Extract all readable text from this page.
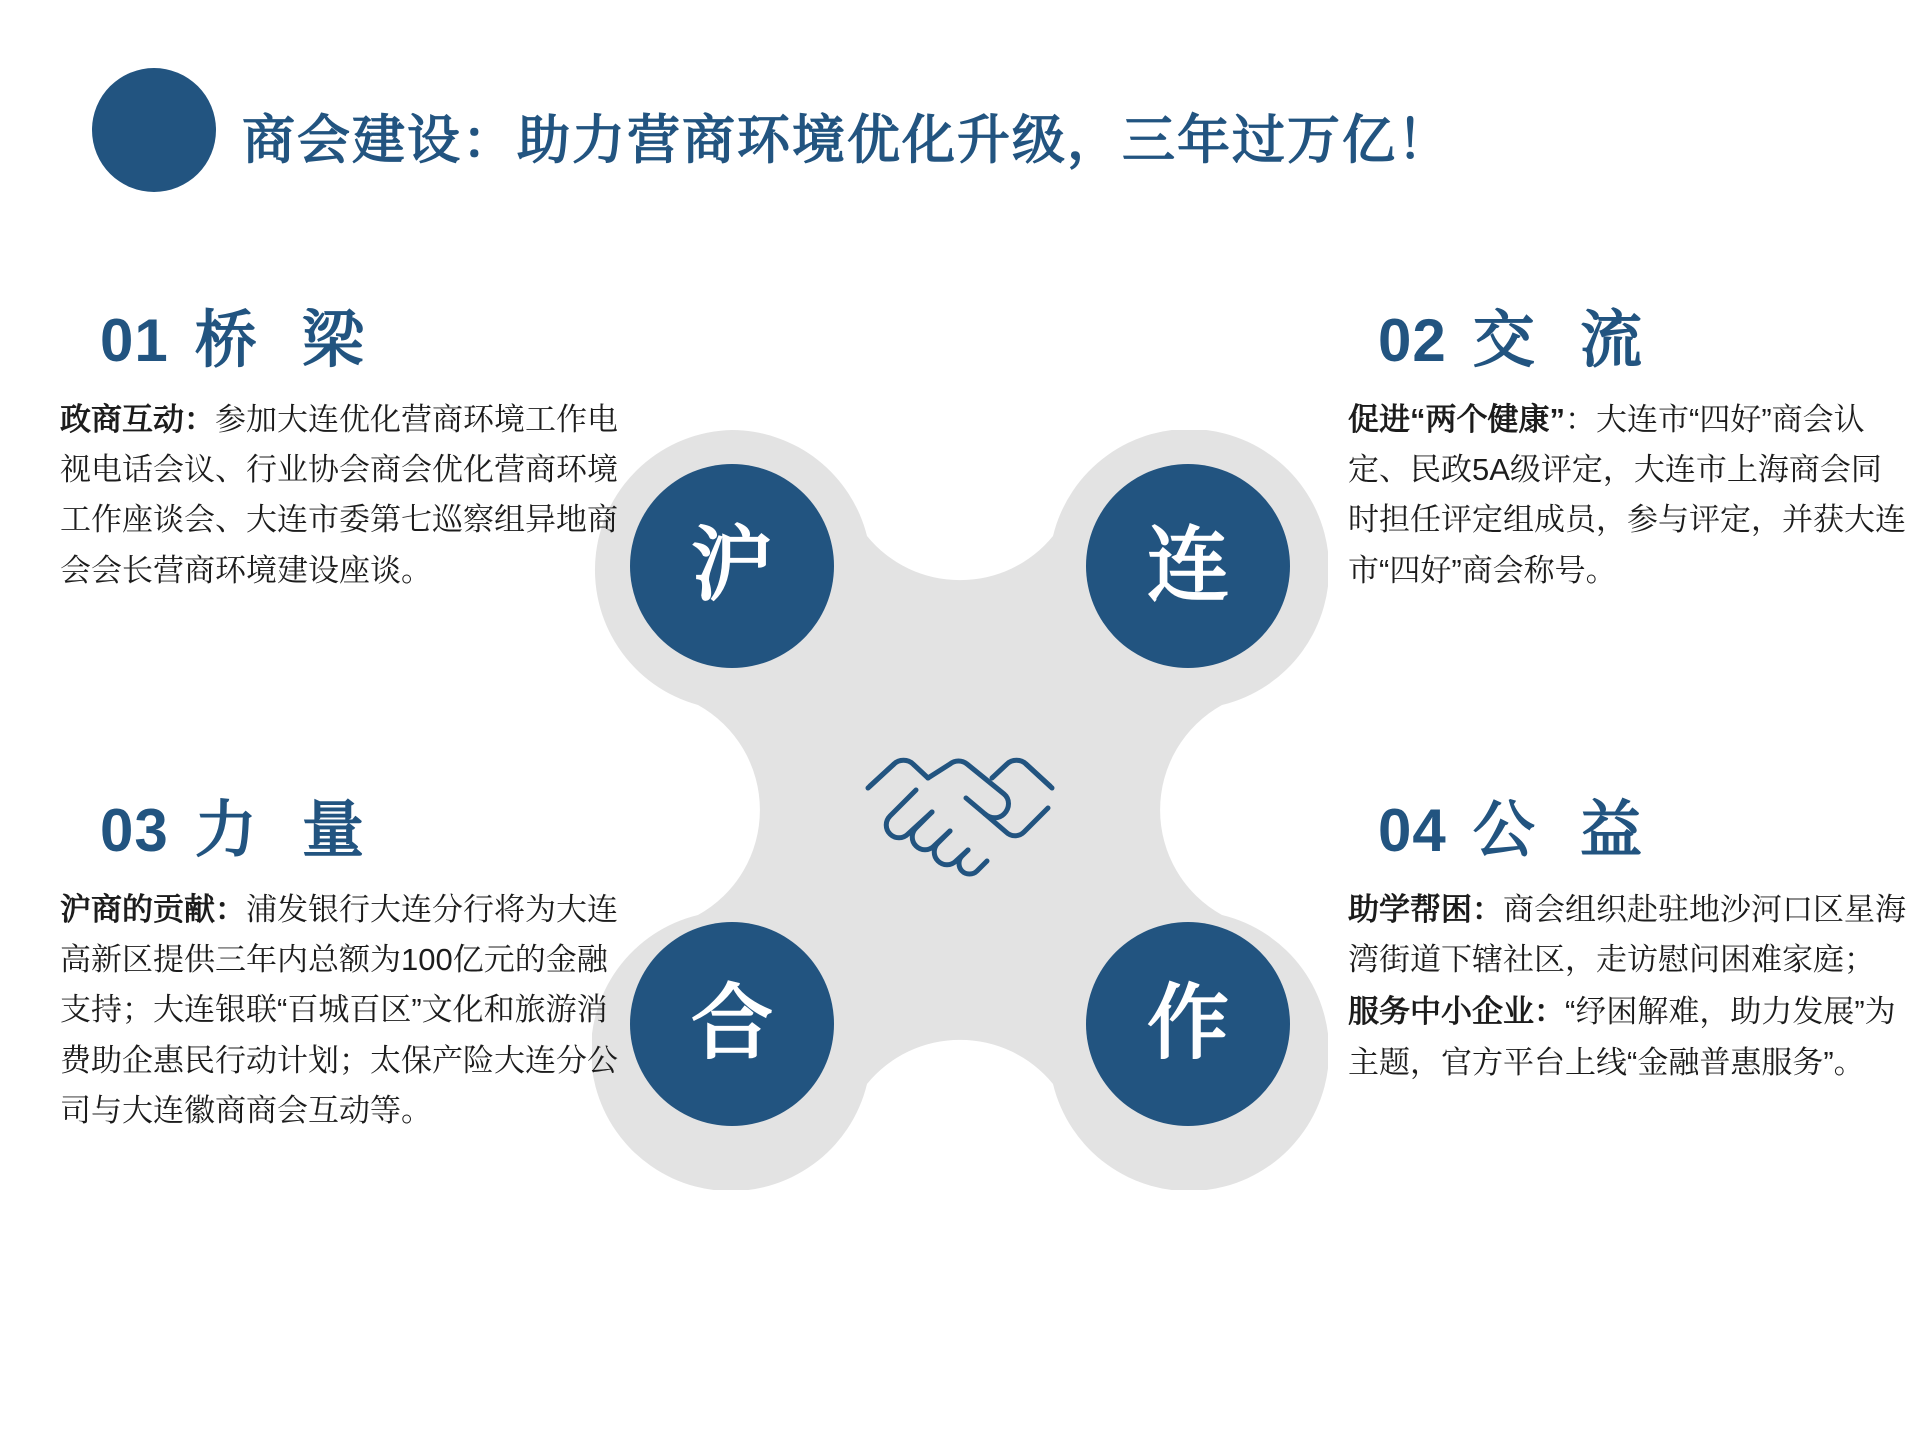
商会建设：助力营商环境优化升级，三年过万亿！
沪	连
合	作
01 桥 梁

政商互动：参加大连优化营商环境工作电视电话会议、行业协会商会优化营商环境工作座谈会、大连市委第七巡察组异地商会会长营商环境建设座谈。

02 交 流

促进“两个健康”：大连市“四好”商会认定、民政5A级评定，大连市上海商会同时担任评定组成员，参与评定，并获大连市“四好”商会称号。

03 力 量

沪商的贡献：浦发银行大连分行将为大连高新区提供三年内总额为100亿元的金融支持；大连银联“百城百区”文化和旅游消费助企惠民行动计划；太保产险大连分公司与大连徽商商会互动等。

04 公 益

助学帮困：商会组织赴驻地沙河口区星海湾街道下辖社区，走访慰问困难家庭；

服务中小企业：“纾困解难，助力发展”为主题，官方平台上线“金融普惠服务”。
